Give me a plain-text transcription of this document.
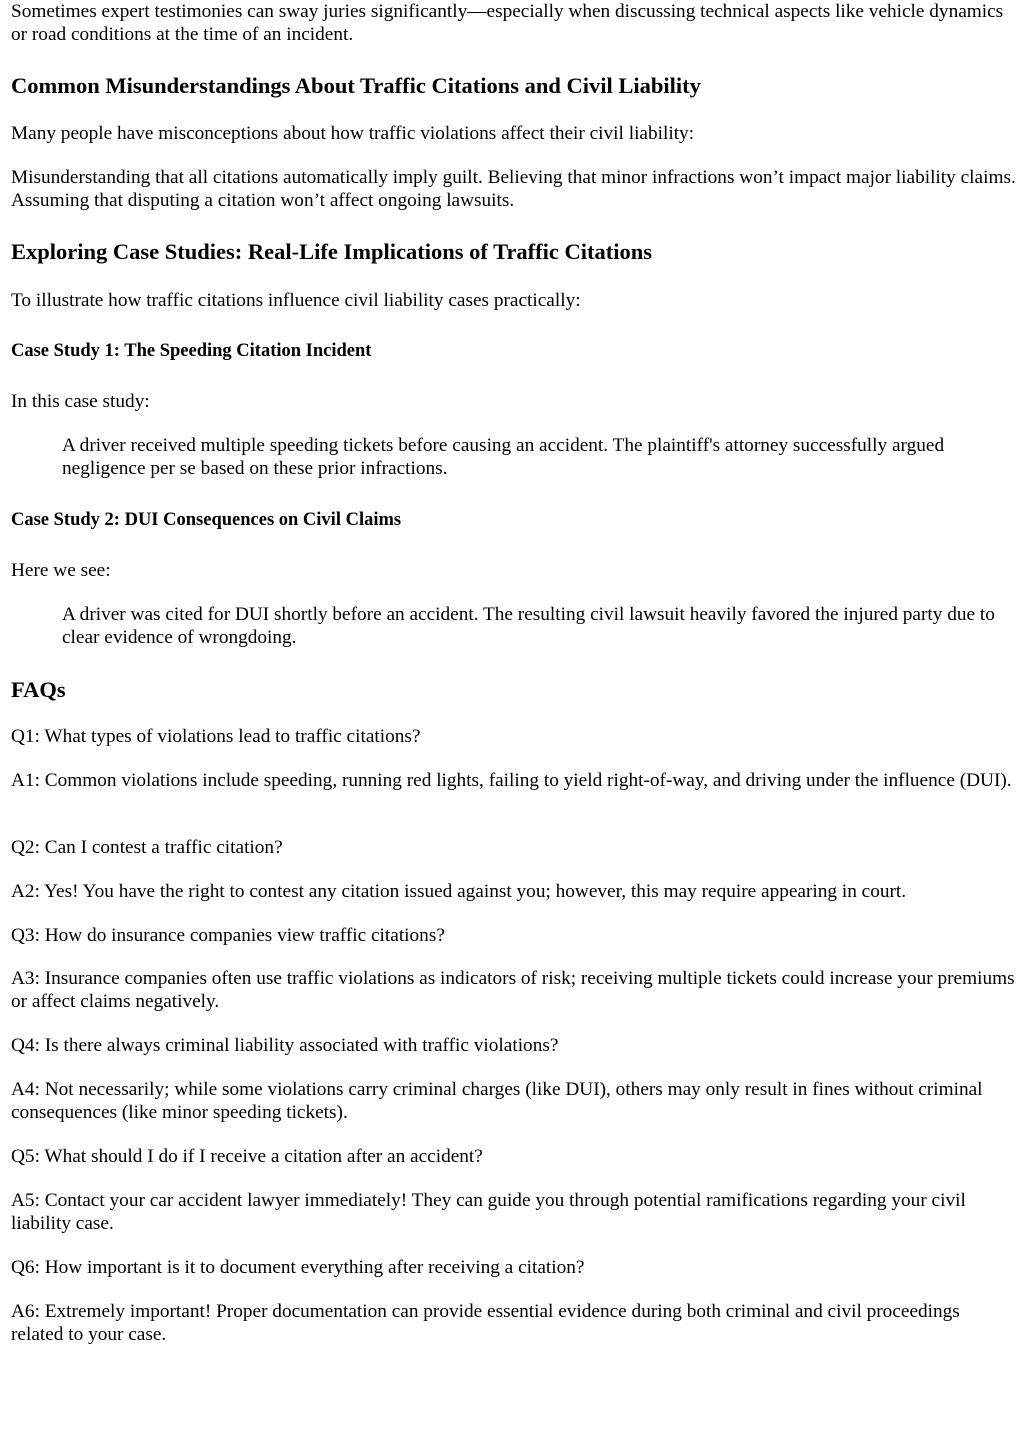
Sometimes expert testimonies can sway juries significantly—especially when discussing technical aspects like vehicle dynamics or road conditions at the time of an incident.

Common Misunderstandings About Traffic Citations and Civil Liability

Many people have misconceptions about how traffic violations affect their civil liability:

Misunderstanding that all citations automatically imply guilt. Believing that minor infractions won’t impact major liability claims. Assuming that disputing a citation won’t affect ongoing lawsuits.

Exploring Case Studies: Real-Life Implications of Traffic Citations

To illustrate how traffic citations influence civil liability cases practically:

Case Study 1: The Speeding Citation Incident

In this case study:

A driver received multiple speeding tickets before causing an accident. The plaintiff's attorney successfully argued negligence per se based on these prior infractions.
Case Study 2: DUI Consequences on Civil Claims

Here we see:

A driver was cited for DUI shortly before an accident. The resulting civil lawsuit heavily favored the injured party due to clear evidence of wrongdoing.
FAQs

Q1: What types of violations lead to traffic citations?

A1: Common violations include speeding, running red lights, failing to yield right-of-way, and driving under the influence (DUI).

Q2: Can I contest a traffic citation?

A2: Yes! You have the right to contest any citation issued against you; however, this may require appearing in court.

Q3: How do insurance companies view traffic citations?

A3: Insurance companies often use traffic violations as indicators of risk; receiving multiple tickets could increase your premiums or affect claims negatively.

Q4: Is there always criminal liability associated with traffic violations?

A4: Not necessarily; while some violations carry criminal charges (like DUI), others may only result in fines without criminal consequences (like minor speeding tickets).

Q5: What should I do if I receive a citation after an accident?

A5: Contact your car accident lawyer immediately! They can guide you through potential ramifications regarding your civil liability case.

Q6: How important is it to document everything after receiving a citation?

A6: Extremely important! Proper documentation can provide essential evidence during both criminal and civil proceedings related to your case.
